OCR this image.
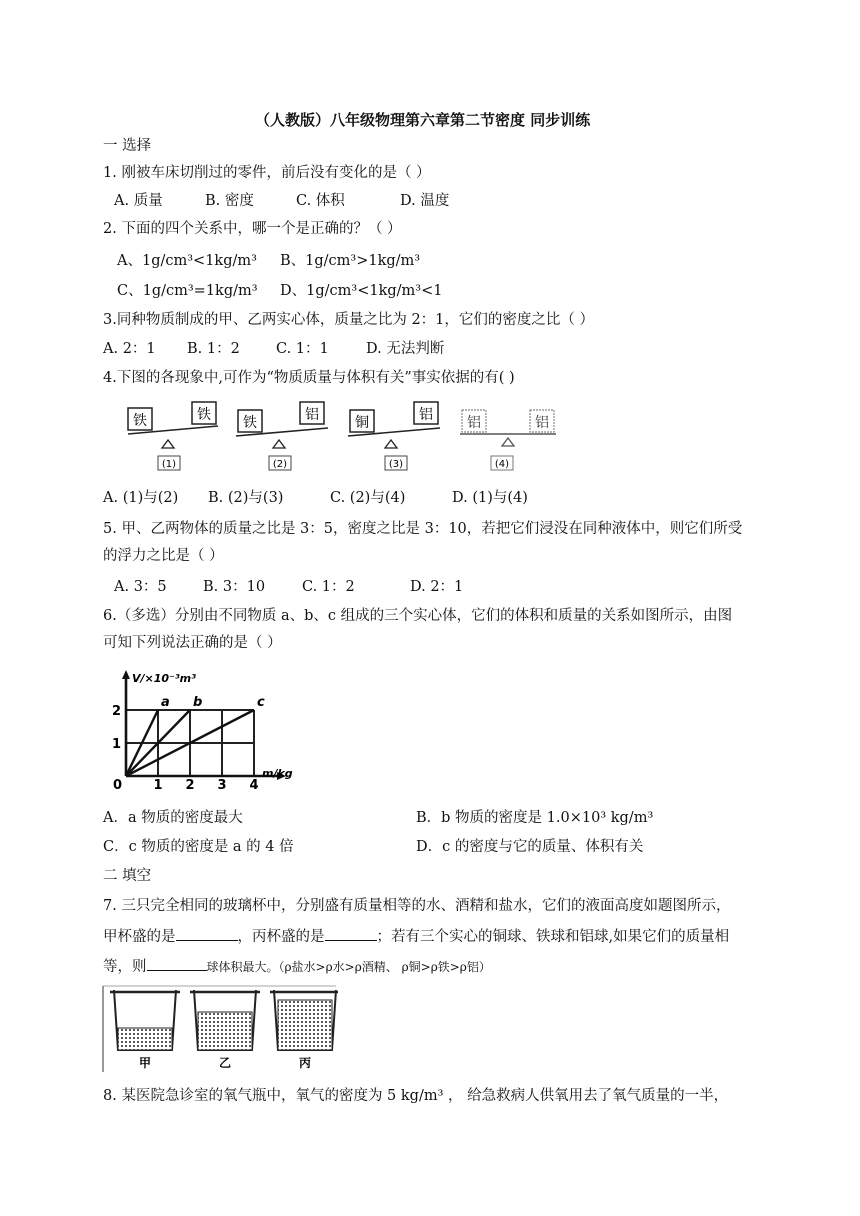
（人教版）八年级物理第六章第二节密度 同步训练
一 选择
1. 刚被车床切削过的零件，前后没有变化的是（ ）
A. 质量	B. 密度	C. 体积	D. 温度
2. 下面的四个关系中，哪一个是正确的？（ ）
A、1g/cm³<1kg/m³ B、1g/cm³>1kg/m³
C、1g/cm³=1kg/m³ D、1g/cm³<1kg/m³<1
3.同种物质制成的甲、乙两实心体，质量之比为 2：1，它们的密度之比（ ）
A. 2：1 B. 1：2 C. 1：1	D. 无法判断
4.下图的各现象中,可作为“物质质量与体积有关”事实依据的有( )
铁	铁
(1)
铁	铝
(2)
铜	铝
(3)
铝	铝
(4)
A. (1)与(2) B. (2)与(3)	C. (2)与(4)	D. (1)与(4)
5. 甲、乙两物体的质量之比是 3：5，密度之比是 3：10，若把它们浸没在同种液体中，则它们所受
的浮力之比是（ ）
A. 3：5	B. 3：10	C. 1：2	D. 2：1
6.（多选）分别由不同物质 a、b、c 组成的三个实心体，它们的体积和质量的关系如图所示，由图
可知下列说法正确的是（ ）
a b	c
1 2 3 4
1
2
0
V/×10⁻³m³
m/kg
A．a 物质的密度最大	B．b 物质的密度是 1.0×10³ kg/m³
C．c 物质的密度是 a 的 4 倍	D．c 的密度与它的质量、体积有关
二 填空
7. 三只完全相同的玻璃杯中，分别盛有质量相等的水、酒精和盐水，它们的液面高度如题图所示，
甲杯盛的是	，丙杯盛的是	；若有三个实心的铜球、铁球和铝球,如果它们的质量相
等，则	球体积最大。（ρ盐水>ρ水>ρ酒精、 ρ铜>ρ铁>ρ铝）
甲	乙	丙
8. 某医院急诊室的氧气瓶中，氧气的密度为 5 kg/m³ ， 给急救病人供氧用去了氧气质量的一半，
